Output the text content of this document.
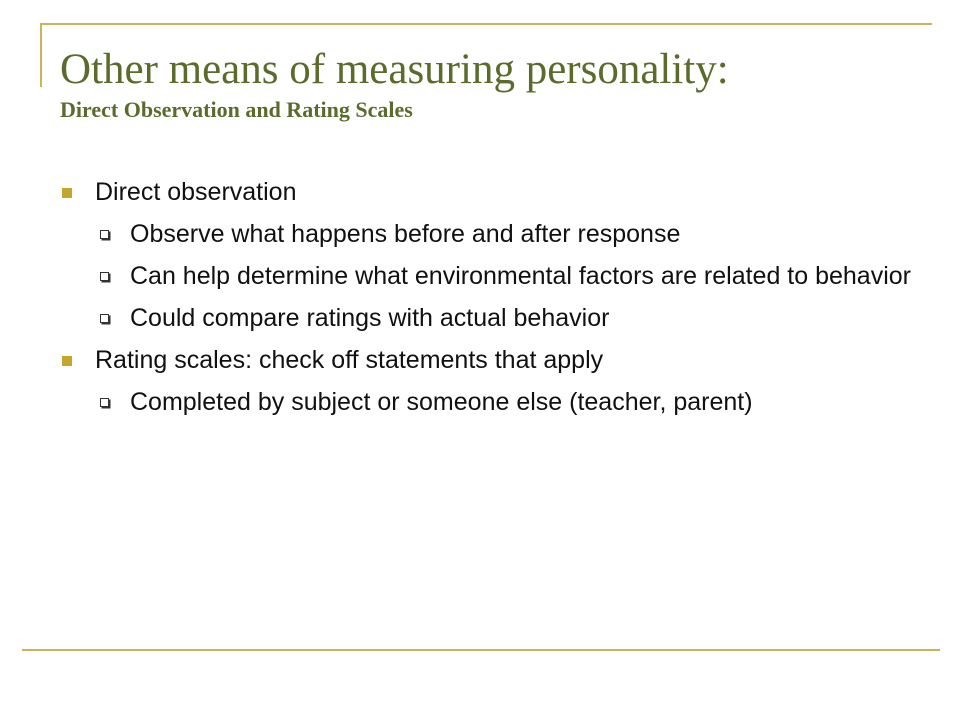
Other means of measuring personality:
Direct Observation and Rating Scales
Direct observation
Observe what happens before and after response
Can help determine what environmental factors are related to behavior
Could compare ratings with actual behavior
Rating scales: check off statements that apply
Completed by subject or someone else (teacher, parent)
